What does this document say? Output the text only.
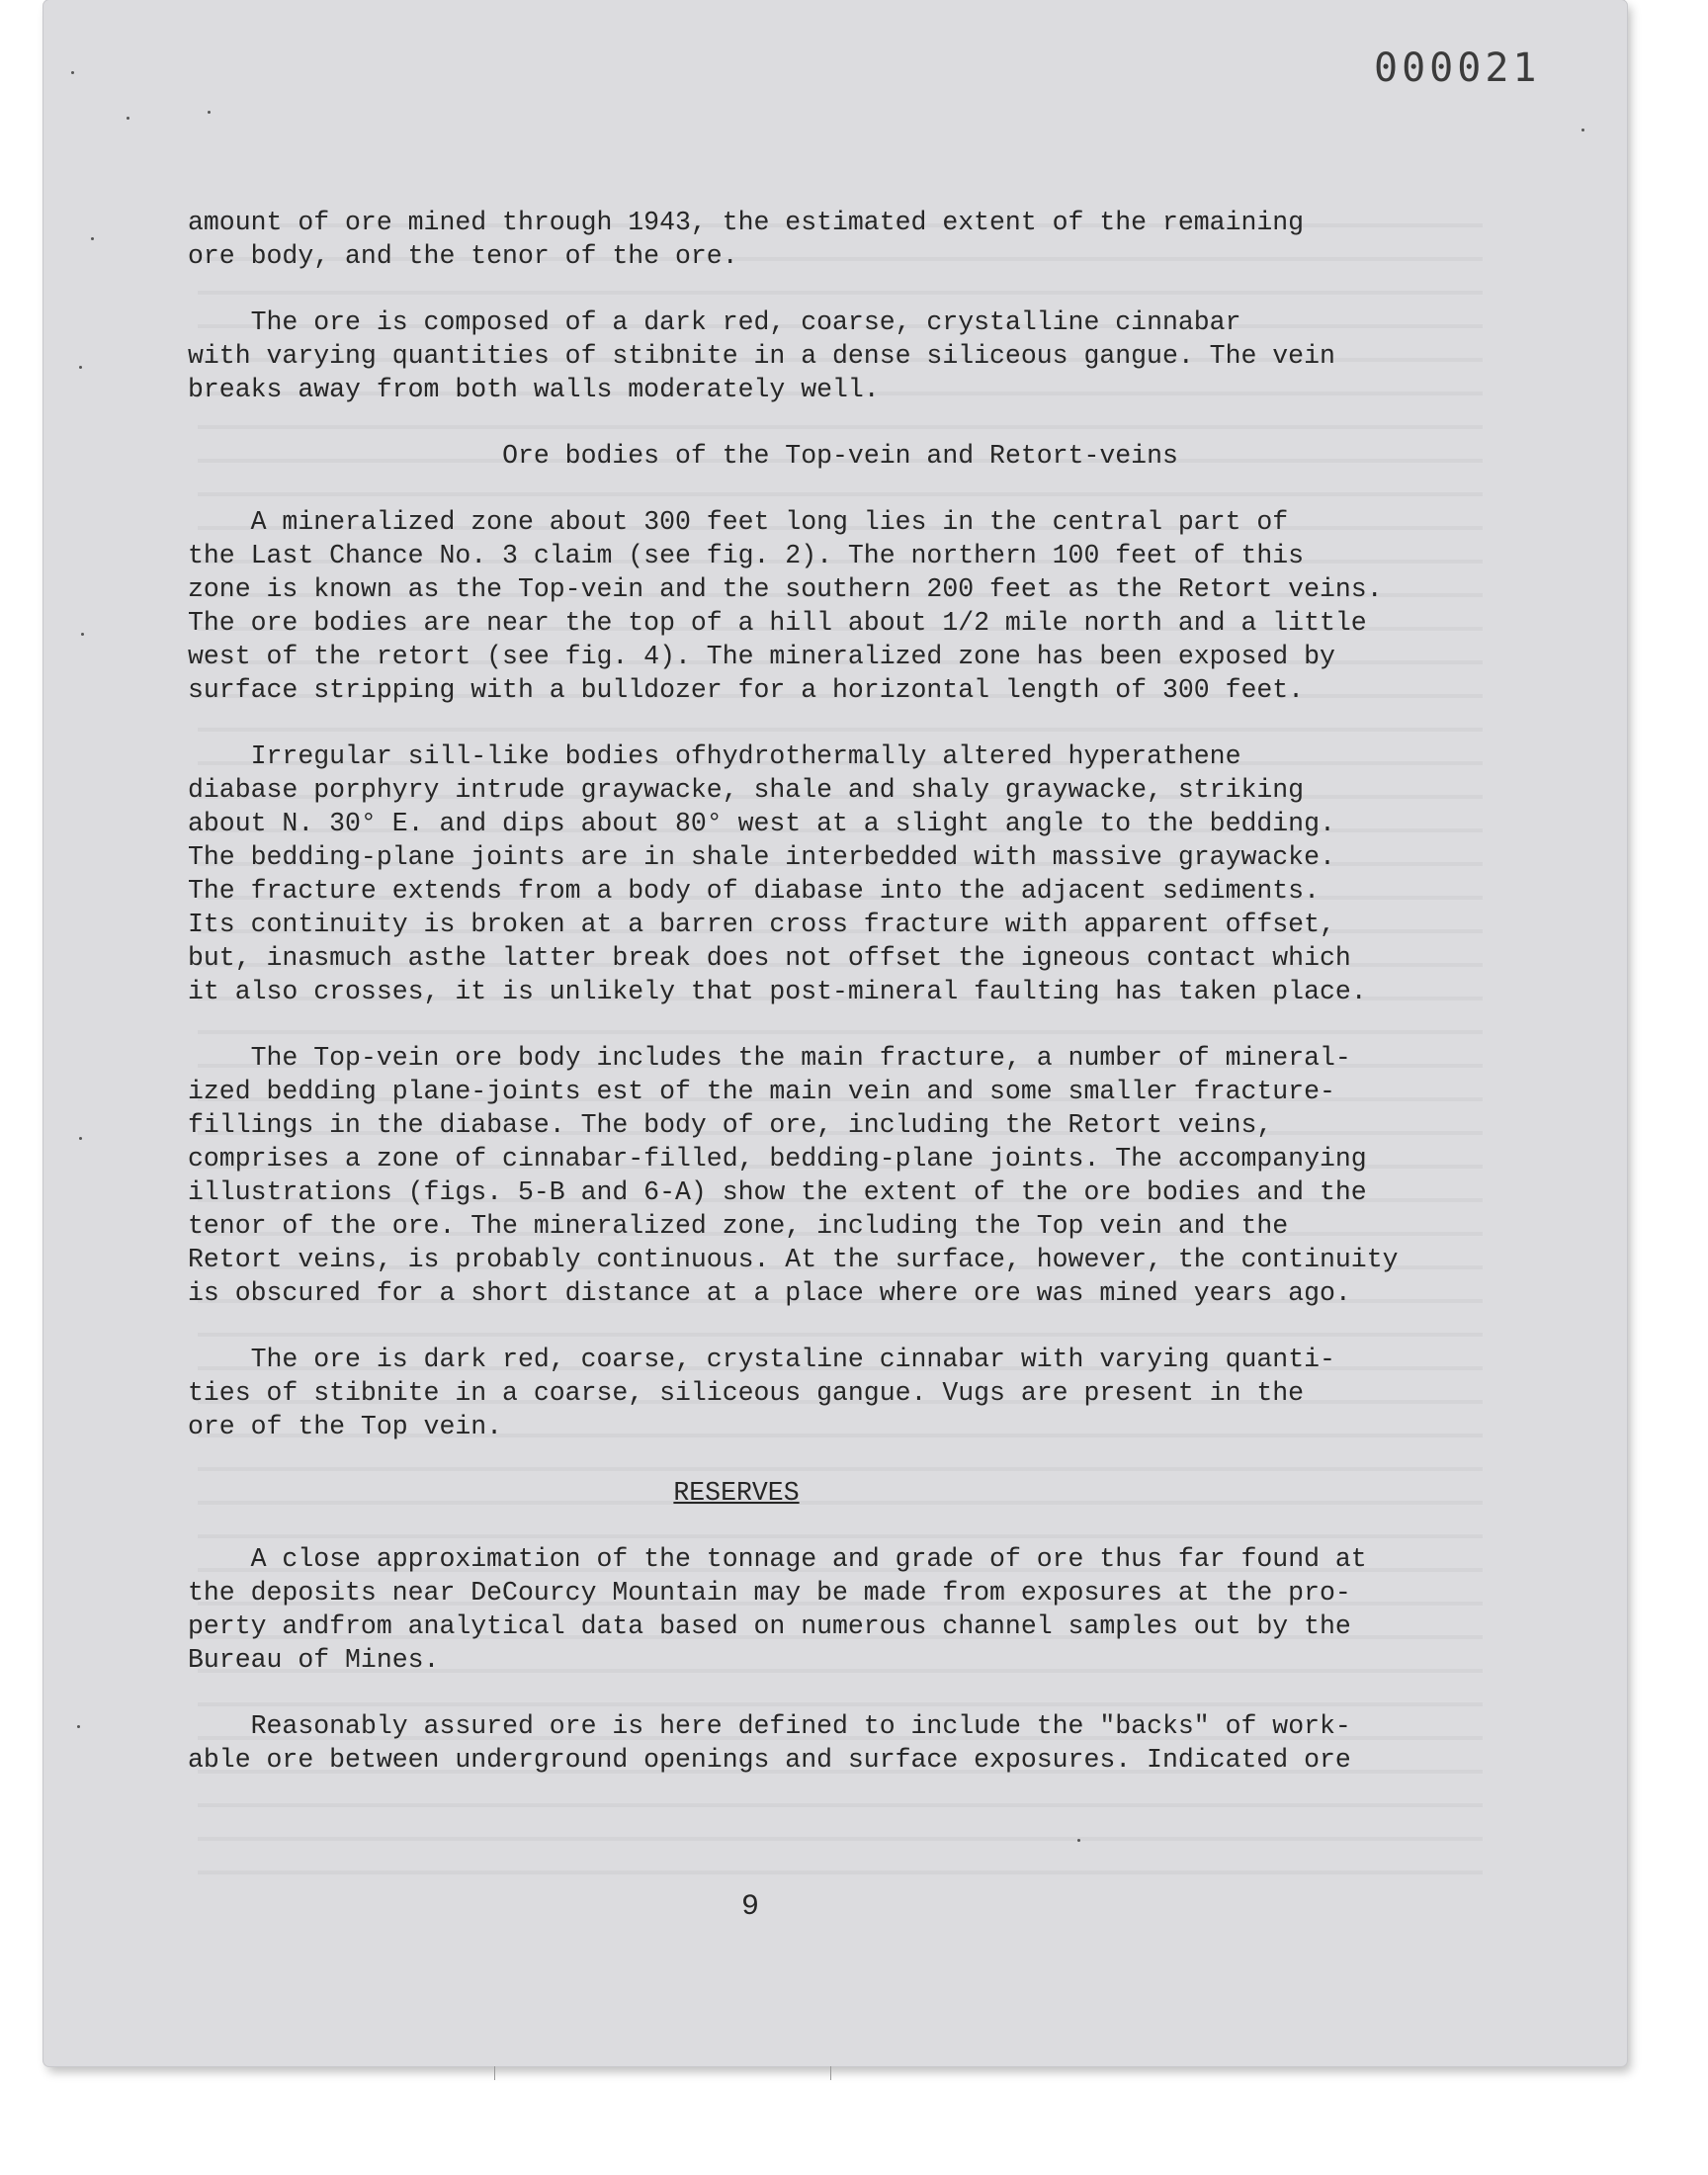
000021
amount of ore mined through 1943, the estimated extent of the remaining
ore body, and the tenor of the ore.
The ore is composed of a dark red, coarse, crystalline cinnabar
with varying quantities of stibnite in a dense siliceous gangue. The vein
breaks away from both walls moderately well.
Ore bodies of the Top-vein and Retort-veins
A mineralized zone about 300 feet long lies in the central part of
the Last Chance No. 3 claim (see fig. 2). The northern 100 feet of this
zone is known as the Top-vein and the southern 200 feet as the Retort veins.
The ore bodies are near the top of a hill about 1/2 mile north and a little
west of the retort (see fig. 4). The mineralized zone has been exposed by
surface stripping with a bulldozer for a horizontal length of 300 feet.
Irregular sill-like bodies ofhydrothermally altered hyperathene
diabase porphyry intrude graywacke, shale and shaly graywacke, striking
about N. 30° E. and dips about 80° west at a slight angle to the bedding.
The bedding-plane joints are in shale interbedded with massive graywacke.
The fracture extends from a body of diabase into the adjacent sediments.
Its continuity is broken at a barren cross fracture with apparent offset,
but, inasmuch asthe latter break does not offset the igneous contact which
it also crosses, it is unlikely that post-mineral faulting has taken place.
The Top-vein ore body includes the main fracture, a number of mineral-
ized bedding plane-joints est of the main vein and some smaller fracture-
fillings in the diabase. The body of ore, including the Retort veins,
comprises a zone of cinnabar-filled, bedding-plane joints. The accompanying
illustrations (figs. 5-B and 6-A) show the extent of the ore bodies and the
tenor of the ore. The mineralized zone, including the Top vein and the
Retort veins, is probably continuous. At the surface, however, the continuity
is obscured for a short distance at a place where ore was mined years ago.
The ore is dark red, coarse, crystaline cinnabar with varying quanti-
ties of stibnite in a coarse, siliceous gangue. Vugs are present in the
ore of the Top vein.
RESERVES
A close approximation of the tonnage and grade of ore thus far found at
the deposits near DeCourcy Mountain may be made from exposures at the pro-
perty andfrom analytical data based on numerous channel samples out by the
Bureau of Mines.
Reasonably assured ore is here defined to include the "backs" of work-
able ore between underground openings and surface exposures. Indicated ore
9
